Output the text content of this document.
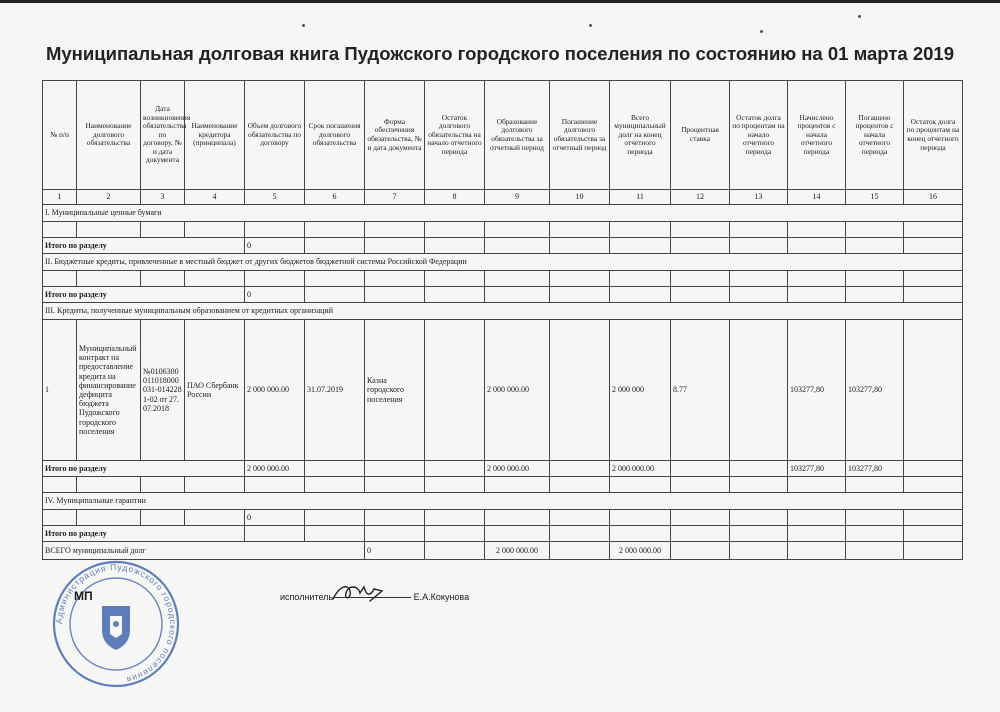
Муниципальная долговая книга Пудожского городского поселения по состоянию на 01 марта 2019
№ п/п	Наименование долгового обязательства	Дата возникновения обязательства по договору, № и дата документа	Наименование кредитора (принципала)	Объем долгового обязательства по договору	Срок погашения долгового обязательства	Форма обеспечения обязательства, № и дата документа	Остаток долгового обязательства на начало отчетного периода	Образование долгового обязательства за отчетный период	Погашение долгового обязательства за отчетный период	Всего муниципальный долг на конец отчетного периода	Процентная ставка	Остаток долга по процентам на начало отчетного периода	Начислено процентов с начала отчетного периода	Погашено процентов с начала отчетного периода	Остаток долга по процентам на конец отчетного периода
1	2	3	4	5	6	7	8	9	10	11	12	13	14	15	16
I. Муниципальные ценные бумаги															

Итого по разделу				0											
II. Бюджетные кредиты, привлеченные в местный бюджет от других бюджетов бюджетной системы Российской Федерации															

Итого по разделу				0											
III. Кредиты, полученные муниципальным образованием от кредитных организаций															
1	Муниципальный контракт на предоставление кредита на финансирование дефицита бюджета Пудожского городского поселения	№0106300011018000031-0142281-02 от 27.07.2018	ПАО Сбербанк России	2 000 000.00	31.07.2019	Казна городского поселения		2 000 000.00		2 000 000	8.77		103277,80	103277,80	
Итого по разделу				2 000 000.00				2 000 000.00		2 000 000.00			103277,80	103277,80	

IV. Муниципальные гарантии															
				0											
Итого по разделу															
ВСЕГО муниципальный долг						0		2 000 000.00		2 000 000.00					
Администрация Пудожского городского поселения
МП	исполнитель	Е.А.Кокунова
